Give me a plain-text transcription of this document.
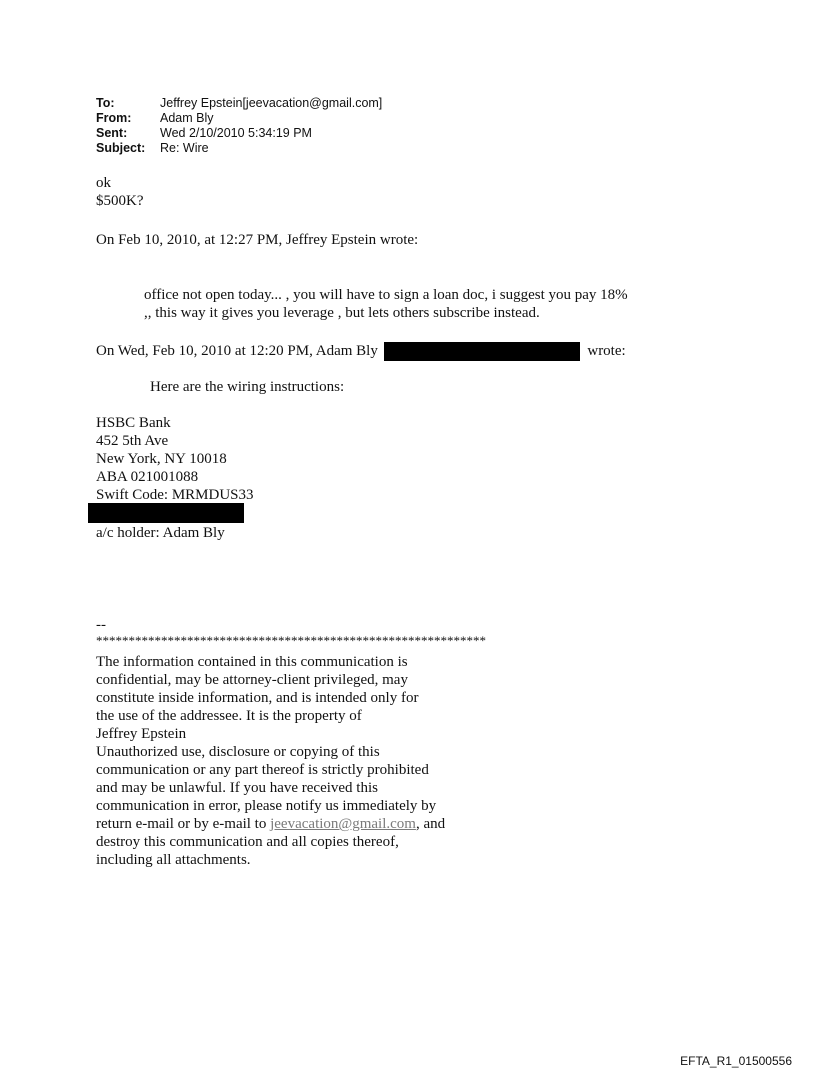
To:	Jeffrey Epstein[jeevacation@gmail.com]
From:	Adam Bly
Sent:	Wed 2/10/2010 5:34:19 PM
Subject:	Re: Wire
ok
$500K?
On Feb 10, 2010, at 12:27 PM, Jeffrey Epstein wrote:
office not open today... , you will have to sign a loan doc, i suggest you pay 18%
,, this way it gives you leverage , but lets others subscribe instead.
On Wed, Feb 10, 2010 at 12:20 PM, Adam Bly	wrote:
Here are the wiring instructions:
HSBC Bank
452 5th Ave
New York, NY 10018
ABA 021001088
Swift Code: MRMDUS33
a/c holder: Adam Bly
--
************************************************************
The information contained in this communication is
confidential, may be attorney-client privileged, may
constitute inside information, and is intended only for
the use of the addressee. It is the property of
Jeffrey Epstein
Unauthorized use, disclosure or copying of this
communication or any part thereof is strictly prohibited
and may be unlawful. If you have received this
communication in error, please notify us immediately by
return e-mail or by e-mail to jeevacation@gmail.com, and
destroy this communication and all copies thereof,
including all attachments.
EFTA_R1_01500556
